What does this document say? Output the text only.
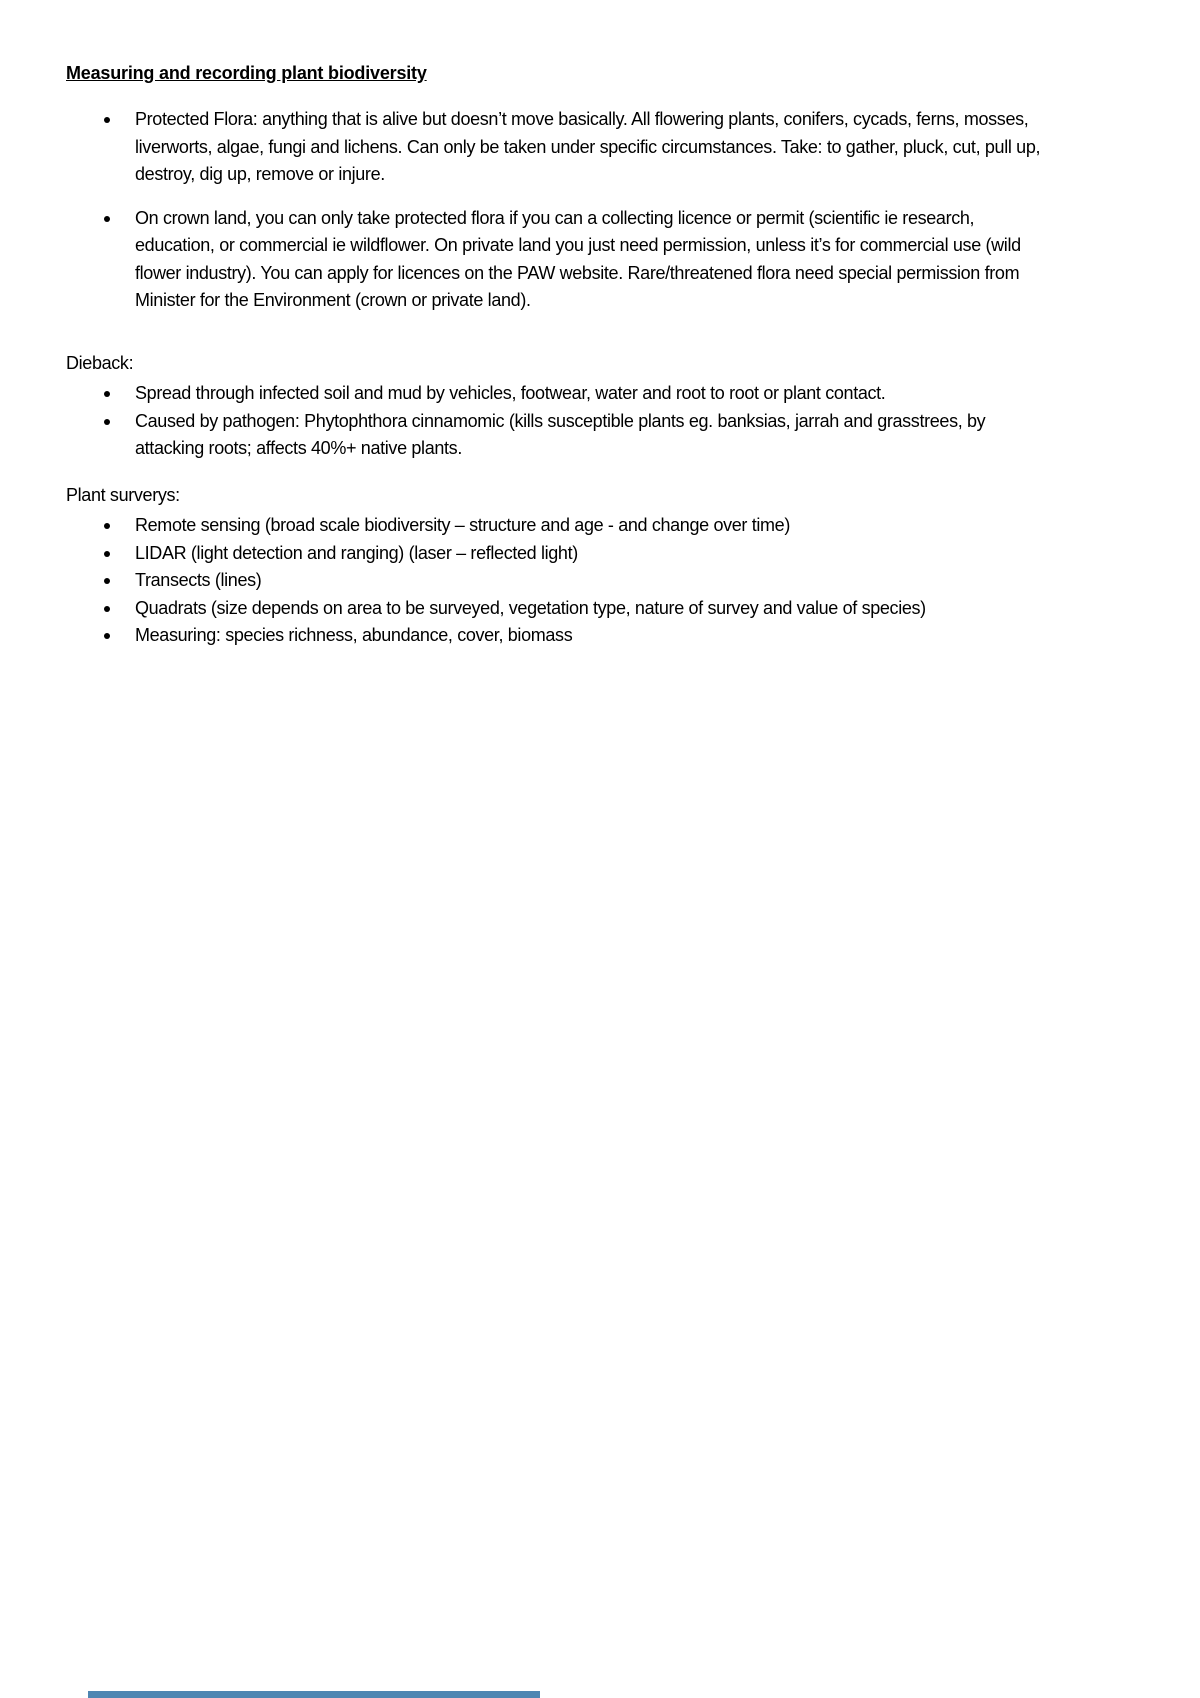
Measuring and recording plant biodiversity
Protected Flora: anything that is alive but doesn’t move basically. All flowering plants, conifers, cycads, ferns, mosses, liverworts, algae, fungi and lichens. Can only be taken under specific circumstances. Take: to gather, pluck, cut, pull up, destroy, dig up, remove or injure.
On crown land, you can only take protected flora if you can a collecting licence or permit (scientific ie research, education, or commercial ie wildflower. On private land you just need permission, unless it’s for commercial use (wild flower industry). You can apply for licences on the PAW website. Rare/threatened flora need special permission from Minister for the Environment (crown or private land).
Dieback:
Spread through infected soil and mud by vehicles, footwear, water and root to root or plant contact.
Caused by pathogen: Phytophthora cinnamomic (kills susceptible plants eg. banksias, jarrah and grasstrees, by attacking roots; affects 40%+ native plants.
Plant surverys:
Remote sensing (broad scale biodiversity – structure and age - and change over time)
LIDAR (light detection and ranging) (laser – reflected light)
Transects (lines)
Quadrats (size depends on area to be surveyed, vegetation type, nature of survey and value of species)
Measuring: species richness, abundance, cover, biomass
